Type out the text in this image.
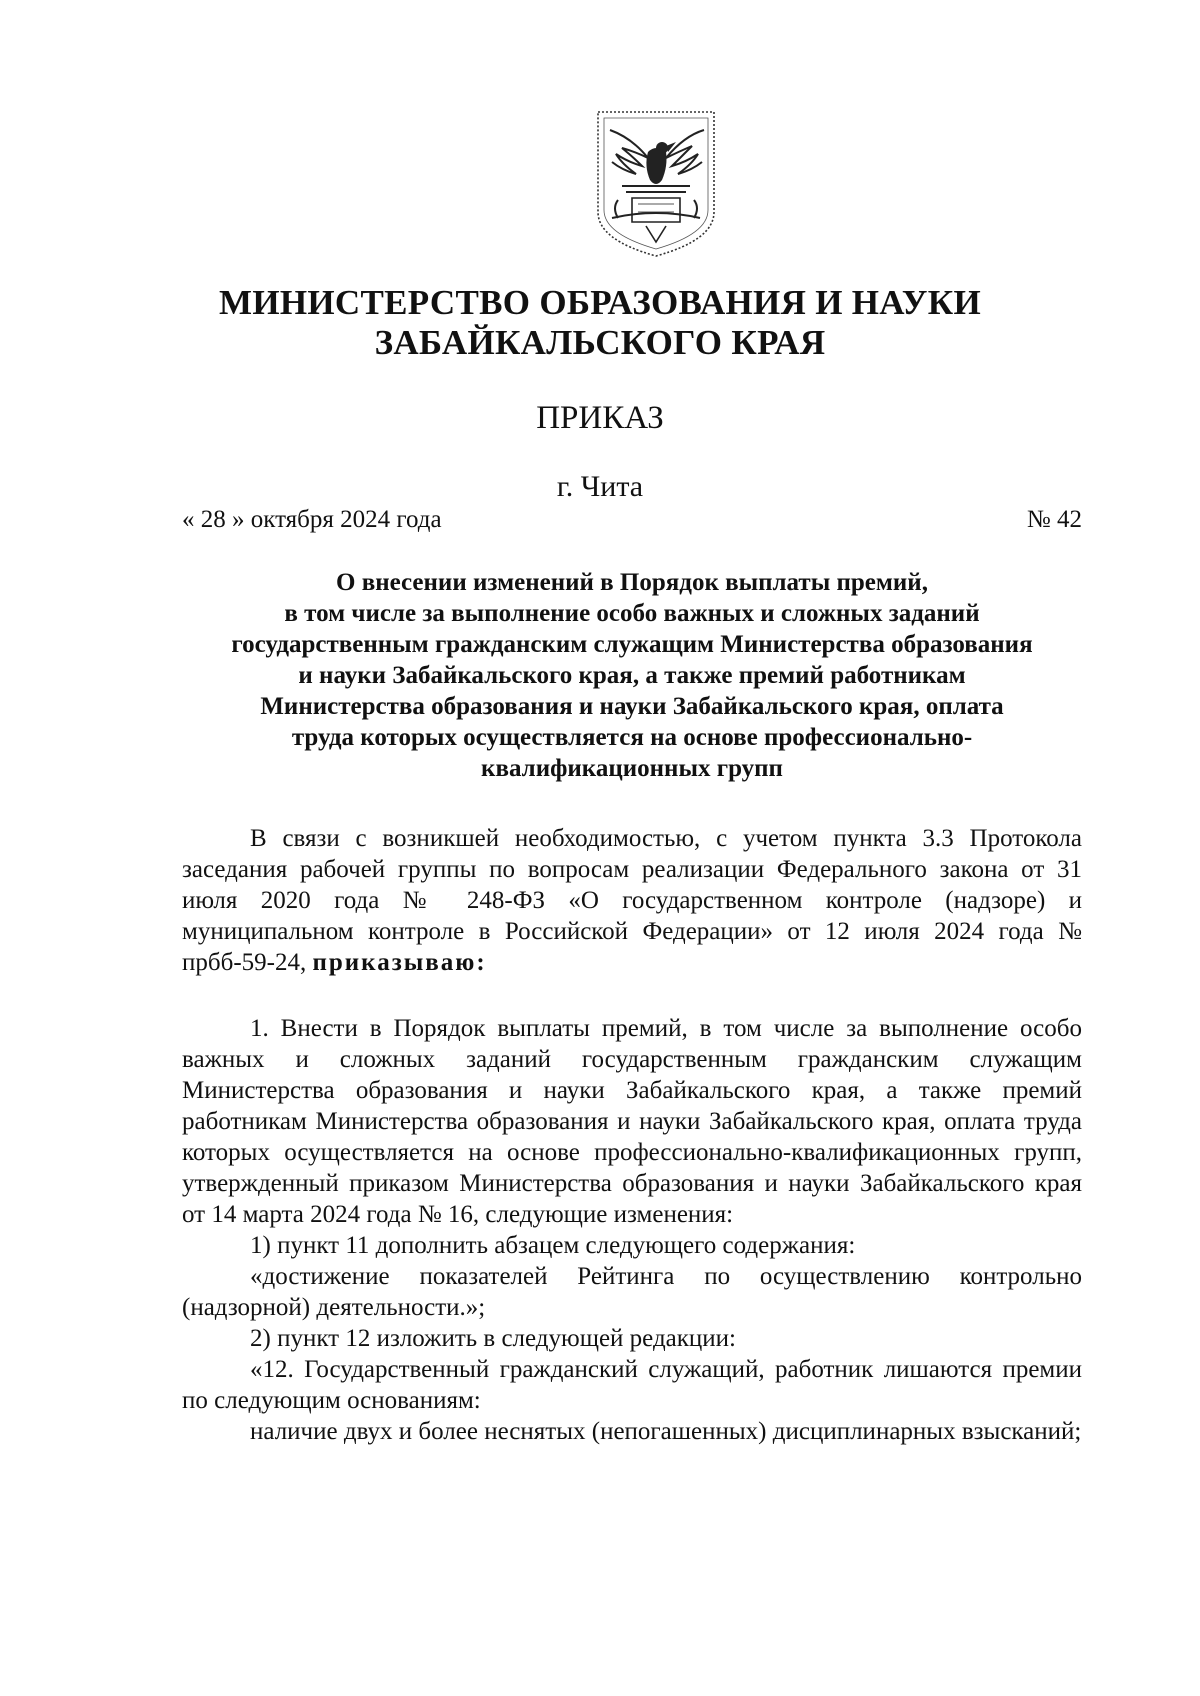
МИНИСТЕРСТВО ОБРАЗОВАНИЯ И НАУКИ
ЗАБАЙКАЛЬСКОГО КРАЯ
ПРИКАЗ
г. Чита
« 28 » октября 2024 года	№ 42
О внесении изменений в Порядок выплаты премий,
в том числе за выполнение особо важных и сложных заданий
государственным гражданским служащим Министерства образования
и науки Забайкальского края, а также премий работникам
Министерства образования и науки Забайкальского края, оплата
труда которых осуществляется на основе профессионально-
квалификационных групп

В связи с возникшей необходимостью, с учетом пункта 3.3 Протокола заседания рабочей группы по вопросам реализации Федерального закона от 31 июля 2020 года № 248-ФЗ «О государственном контроле (надзоре) и муниципальном контроле в Российской Федерации» от 12 июля 2024 года № прбб-59-24, приказываю:

1. Внести в Порядок выплаты премий, в том числе за выполнение особо важных и сложных заданий государственным гражданским служащим Министерства образования и науки Забайкальского края, а также премий работникам Министерства образования и науки Забайкальского края, оплата труда которых осуществляется на основе профессионально-квалификационных групп, утвержденный приказом Министерства образования и науки Забайкальского края от 14 марта 2024 года № 16, следующие изменения:

1) пункт 11 дополнить абзацем следующего содержания:

«достижение показателей Рейтинга по осуществлению контрольно (надзорной) деятельности.»;

2) пункт 12 изложить в следующей редакции:

«12. Государственный гражданский служащий, работник лишаются премии по следующим основаниям:

наличие двух и более неснятых (непогашенных) дисциплинарных взысканий;
